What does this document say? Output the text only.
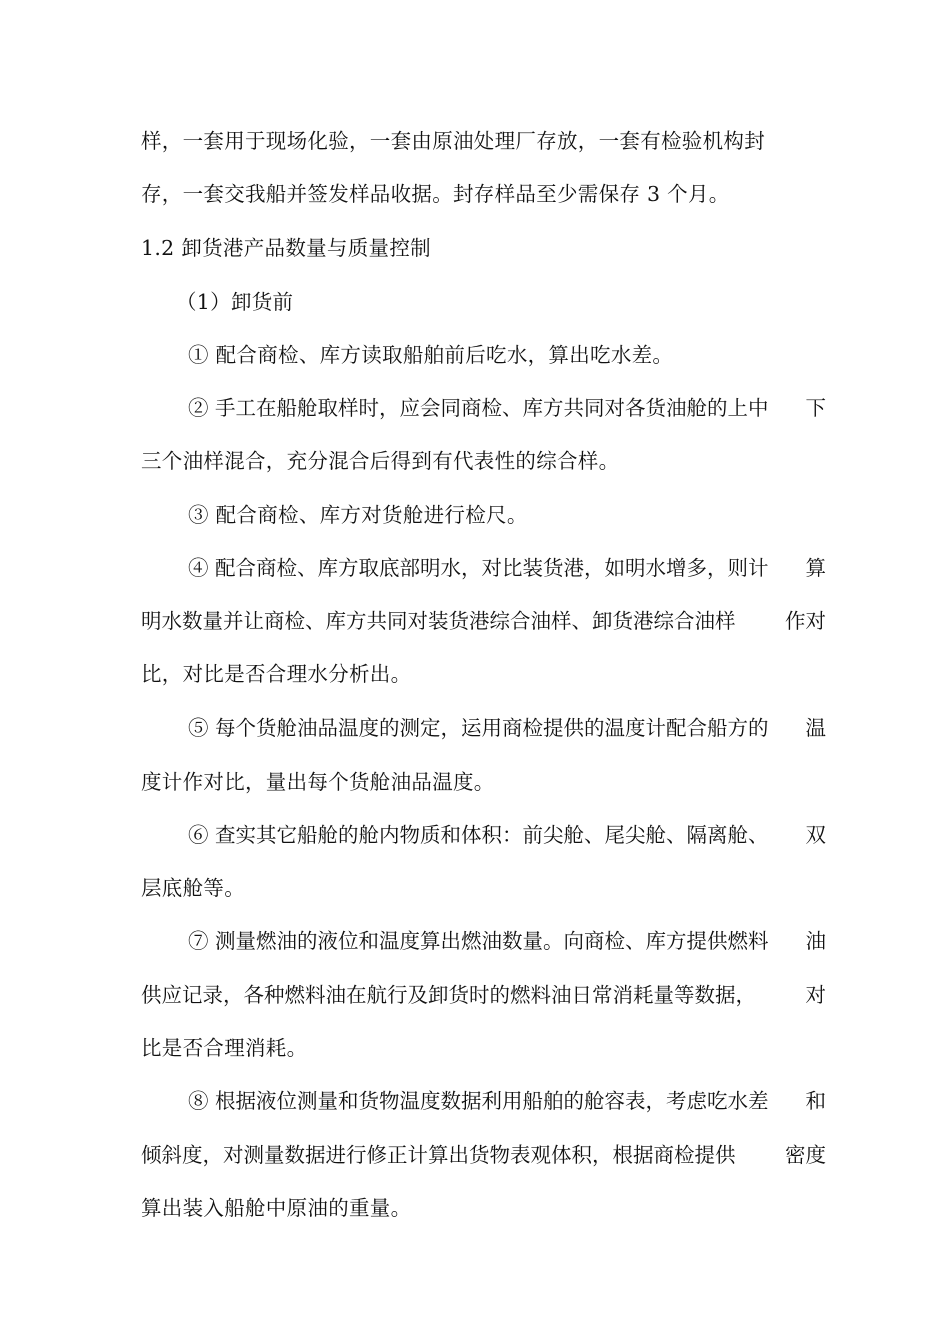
样，一套用于现场化验，一套由原油处理厂存放，一套有检验机构封
存，一套交我船并签发样品收据。封存样品至少需保存 3 个月。
1.2 卸货港产品数量与质量控制
（1）卸货前
① 配合商检、库方读取船舶前后吃水，算出吃水差。
② 手工在船舱取样时，应会同商检、库方共同对各货油舱的上中 下
三个油样混合，充分混合后得到有代表性的综合样。
③ 配合商检、库方对货舱进行检尺。
④ 配合商检、库方取底部明水，对比装货港，如明水增多，则计 算
明水数量并让商检、库方共同对装货港综合油样、卸货港综合油样 作对
比，对比是否合理水分析出。
⑤ 每个货舱油品温度的测定，运用商检提供的温度计配合船方的 温
度计作对比，量出每个货舱油品温度。
⑥ 查实其它船舱的舱内物质和体积：前尖舱、尾尖舱、隔离舱、 双
层底舱等。
⑦ 测量燃油的液位和温度算出燃油数量。向商检、库方提供燃料 油
供应记录，各种燃料油在航行及卸货时的燃料油日常消耗量等数据， 对
比是否合理消耗。
⑧ 根据液位测量和货物温度数据利用船舶的舱容表，考虑吃水差 和
倾斜度，对测量数据进行修正计算出货物表观体积，根据商检提供 密度
算出装入船舱中原油的重量。
